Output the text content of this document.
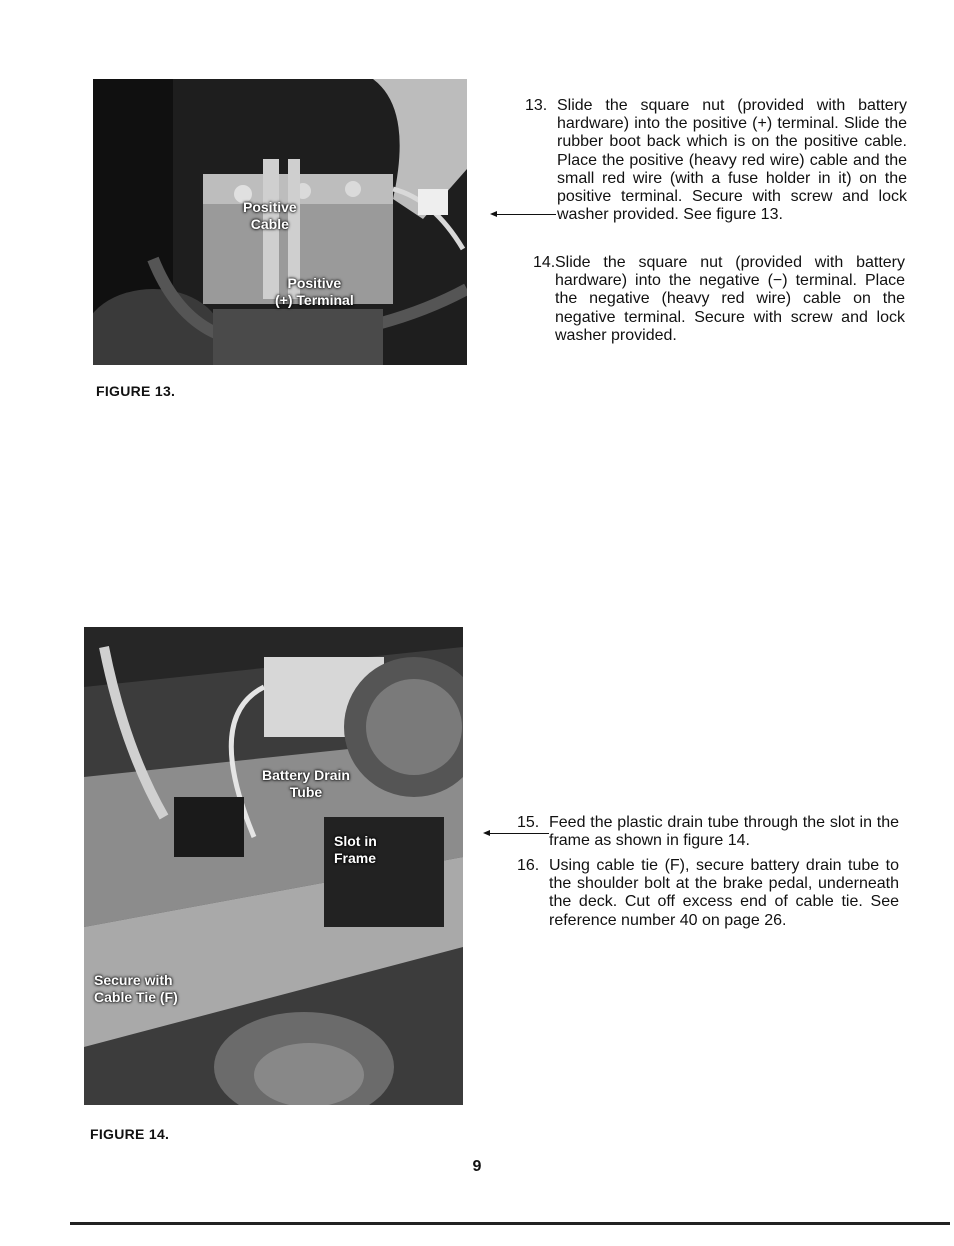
Positive
Cable
Positive
(+) Terminal
FIGURE 13.
13. Slide the square nut (provided with battery hardware) into the positive (+) terminal. Slide the rubber boot back which is on the positive cable. Place the positive (heavy red wire) cable and the small red wire (with a fuse holder in it) on the positive terminal. Secure with screw and lock washer provided. See figure 13.
14. Slide the square nut (provided with battery hardware) into the negative (−) terminal. Place the negative (heavy red wire) cable on the negative terminal. Secure with screw and lock washer provided.
Battery Drain
Tube
Slot in
Frame
Secure with
Cable Tie (F)
FIGURE 14.
15. Feed the plastic drain tube through the slot in the frame as shown in figure 14.
16. Using cable tie (F), secure battery drain tube to the shoulder bolt at the brake pedal, underneath the deck. Cut off excess end of cable tie. See reference number 40 on page 26.
9
